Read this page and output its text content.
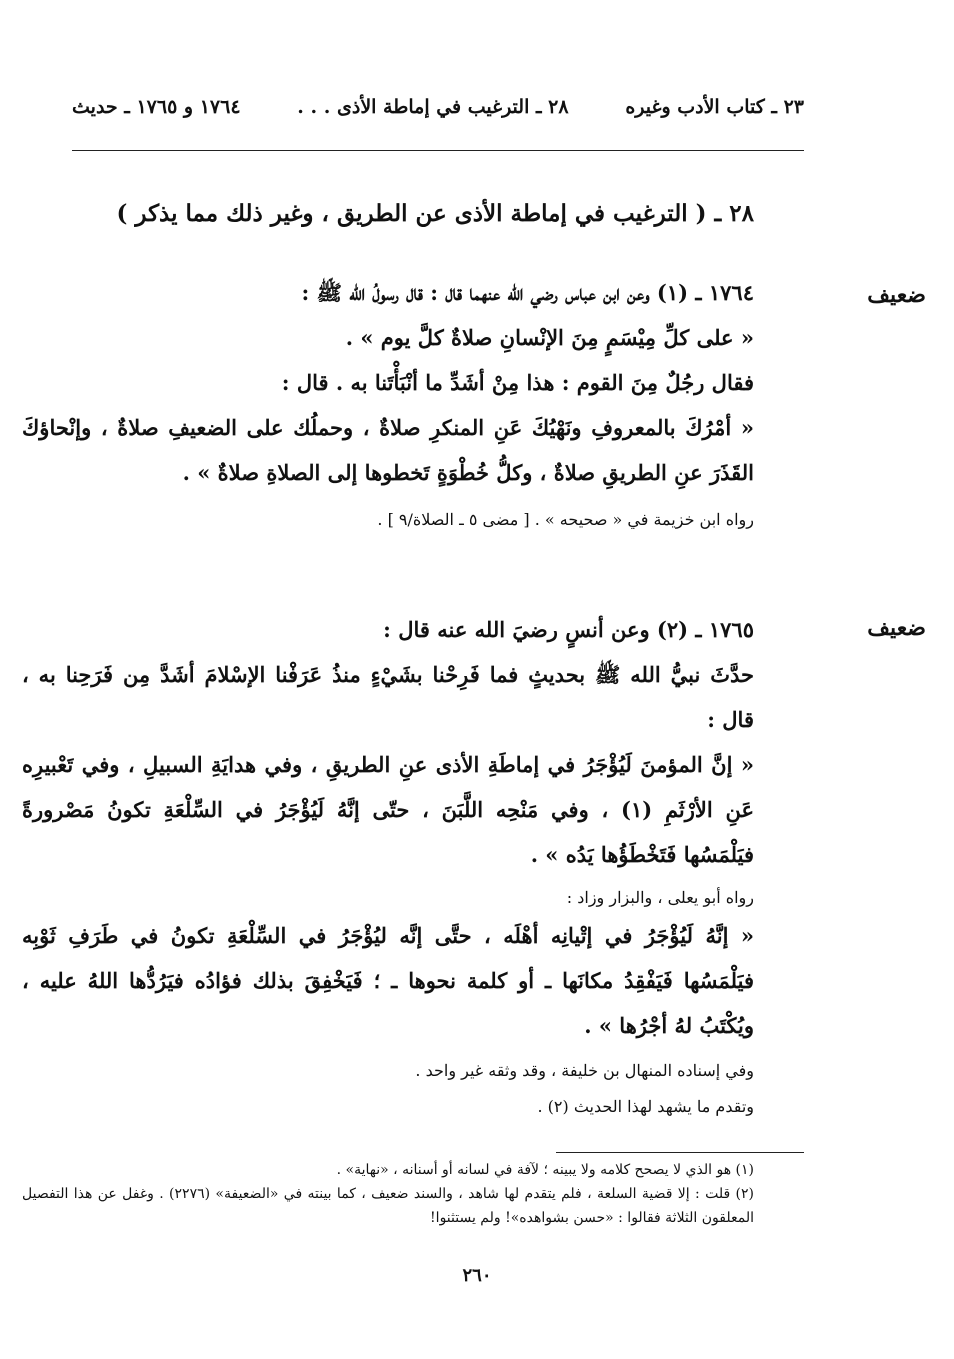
٢٣ ـ كتاب الأدب وغيره
٢٨ ـ الترغيب في إماطة الأذى . . .
١٧٦٤ و ١٧٦٥ ـ حديث
٢٨ ـ ( الترغيب في إماطة الأذى عن الطريق ، وغير ذلك مما يذكر )
ضعيف

١٧٦٤ ـ (١) وعن ابن عباس رضي الله عنهما قال : قال رسولُ الله ﷺ :

« على كلِّ مِيْسَمٍ مِنَ الإنْسانِ صلاةٌ كلَّ يوم » .

فقال رجُلٌ مِنَ القوم : هذا مِنْ أشَدِّ ما أنْبَأْتَنا به . قال :

« أمْرُكَ بالمعروفِ ونَهْيُكَ عَنِ المنكرِ صلاةٌ ، وحملُك على الضعيفِ صلاةٌ ، وإنْحاؤكَ القَذَرَ عنِ الطريقِ صلاةٌ ، وكلُّ خُطْوَةٍ تَخطوها إلى الصلاةِ صلاةٌ » .

رواه ابن خزيمة في « صحيحه » . [ مضى ٥ ـ الصلاة/٩ ] .

ضعيف

١٧٦٥ ـ (٢) وعن أنسٍ رضيَ الله عنه قال :

حدَّثَ نبيُّ الله ﷺ بحديثٍ فما فَرِحْنا بشَيْءٍ منذُ عَرَفْنا الإسْلامَ أشَدَّ مِن فَرَحِنا به ، قال :

« إنَّ المؤمنَ لَيُؤْجَرُ في إماطَةِ الأذى عنِ الطريقِ ، وفي هدايَةِ السبيلِ ، وفي تَعْبيرِه عَنِ الأرْثَمِ (١) ، وفي مَنْحِه اللَّبَنَ ، حتّى إنَّهُ لَيُؤْجَرُ في السِّلْعَةِ تكونُ مَصْرورةً فيَلْمَسُها فَتَخْطَؤُها يَدُه » .

رواه أبو يعلى ، والبزار وزاد :

« إنَّهُ لَيُؤْجَرُ في إتْيانِه أهْلَه ، حتَّى إنَّه ليُؤْجَرُ في السِّلْعَةِ تكونُ في طَرَفِ ثَوْبِه فيَلْمَسُها فَيَفْقِدُ مكانَها ـ أو كلمة نحوها ـ ؛ فَيَخْفِقَ بذلك فؤادُه فيَرُدُّها اللهُ عليه ، ويُكْتَبُ لهُ أجْرُها » .

وفي إسناده المنهال بن خليفة ، وقد وثقه غير واحد .

وتقدم ما يشهد لهذا الحديث (٢) .

(١) هو الذي لا يصحح كلامه ولا يبينه ؛ لآفة في لسانه أو أسنانه ، «نهاية» .

(٢) قلت : إلا قضية السلعة ، فلم يتقدم لها شاهد ، والسند ضعيف ، كما بينته في «الضعيفة» (٢٢٧٦) . وغفل عن هذا التفصيل المعلقون الثلاثة فقالوا : «حسن بشواهده»! ولم يستثنوا!

٢٦٠
